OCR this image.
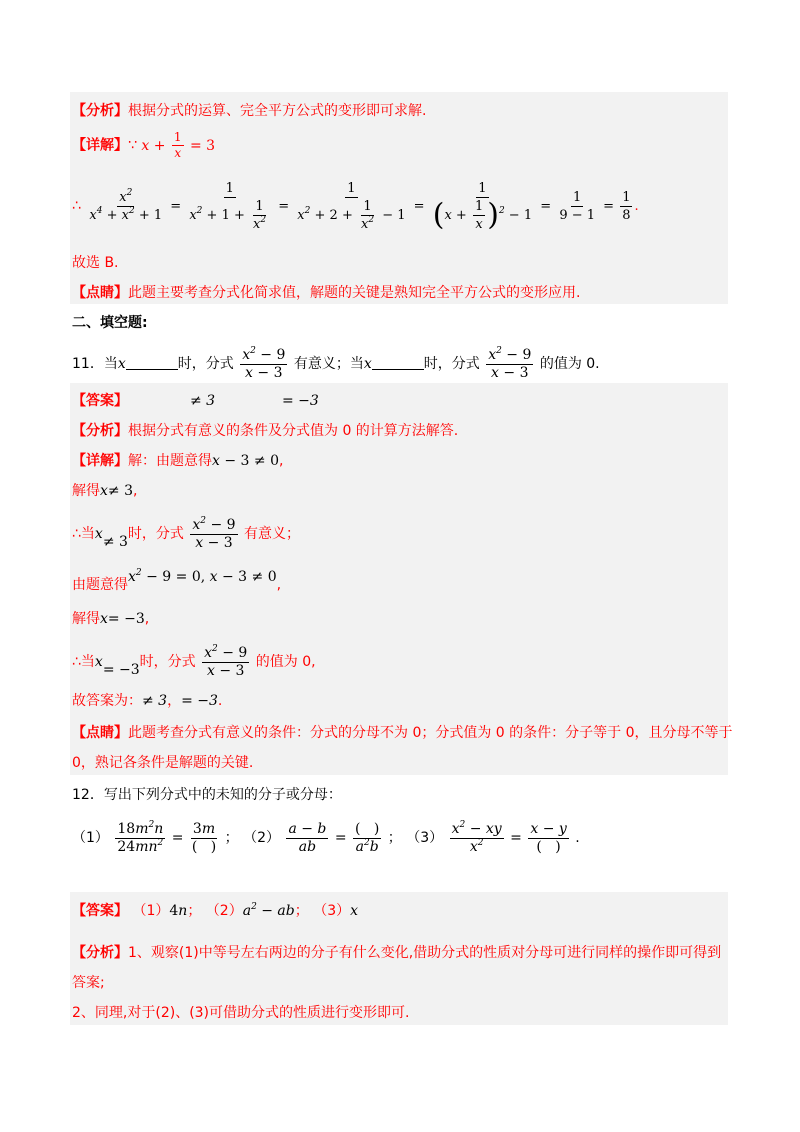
【分析】根据分式的运算、完全平方公式的变形即可求解.
【详解】∵ $x + \frac{1}{x} = 3$
∴ $\frac{x^2}{x^4 + x^2 + 1} = \frac{1}{x^2 + 1 + \frac{1}{x^2}} = \frac{1}{x^2 + 2 + \frac{1}{x^2} - 1} = \frac{1}{(x + \frac{1}{x} )^2 - 1} = \frac{1}{9 - 1} = \frac{1}{8}$ .
故选 B.
【点睛】此题主要考查分式化简求值，解题的关键是熟知完全平方公式的变形应用.
二、填空题:
11．当x	时，分式 $\frac{x^2 - 9}{x - 3}$ 有意义；当x	时，分式 $\frac{x^2 - 9}{x - 3}$ 的值为 0.
【答案】	≠ 3	= −3
【分析】根据分式有意义的条件及分式值为 0 的计算方法解答.
【详解】解：由题意得x − 3 ≠ 0,
解得x≠ 3,
∴当x≠ 3时，分式 $\frac{x^2 - 9}{x - 3}$ 有意义；
由题意得$x^2 - 9 = 0$, x − 3 ≠ 0,
解得x= −3,
∴当x= −3时，分式 $\frac{x^2 - 9}{x - 3}$ 的值为 0,
故答案为：≠ 3，= −3.
【点睛】此题考查分式有意义的条件：分式的分母不为 0；分式值为 0 的条件：分子等于 0，且分母不等于
0，熟记各条件是解题的关键.
12．写出下列分式中的未知的分子或分母：
$(1) \frac{18m^2n}{24mn^2} = \frac{3m}{( )}$ ； $(2) \frac{a - b}{ab} = \frac{( )}{a^2b}$ ； $(3) \frac{x^2 - xy}{x^2} = \frac{x - y}{( )}$ .
【答案】 （1）4n； $(2)a^2$ − ab； （3）x
【分析】1、观察(1)中等号左右两边的分子有什么变化,借助分式的性质对分母可进行同样的操作即可得到
答案;
2、同理,对于(2)、(3)可借助分式的性质进行变形即可.
